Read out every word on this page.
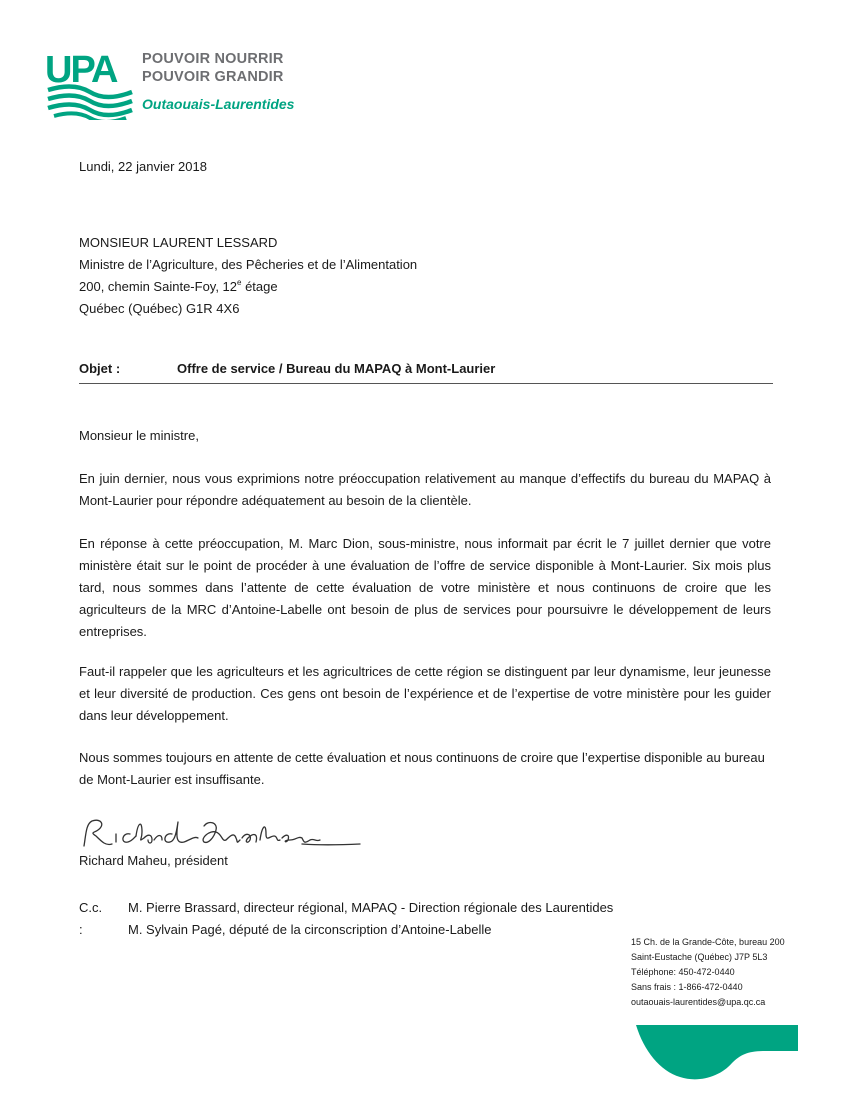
UPA POUVOIR NOURRIR
POUVOIR GRANDIR
Outaouais-Laurentides
Lundi, 22 janvier 2018
MONSIEUR LAURENT LESSARD
Ministre de l’Agriculture, des Pêcheries et de l’Alimentation
200, chemin Sainte-Foy, 12e étage
Québec (Québec) G1R 4X6
Objet :	Offre de service / Bureau du MAPAQ à Mont-Laurier
Monsieur le ministre,
En juin dernier, nous vous exprimions notre préoccupation relativement au manque d’effectifs du bureau du MAPAQ à Mont-Laurier pour répondre adéquatement au besoin de la clientèle.
En réponse à cette préoccupation, M. Marc Dion, sous-ministre, nous informait par écrit le 7 juillet dernier que votre ministère était sur le point de procéder à une évaluation de l’offre de service disponible à Mont-Laurier. Six mois plus tard, nous sommes dans l’attente de cette évaluation de votre ministère et nous continuons de croire que les agriculteurs de la MRC d’Antoine-Labelle ont besoin de plus de services pour poursuivre le développement de leurs entreprises.
Faut-il rappeler que les agriculteurs et les agricultrices de cette région se distinguent par leur dynamisme, leur jeunesse et leur diversité de production. Ces gens ont besoin de l’expérience et de l’expertise de votre ministère pour les guider dans leur développement.
Nous sommes toujours en attente de cette évaluation et nous continuons de croire que l’expertise disponible au bureau de Mont-Laurier est insuffisante.
Richard Maheu, président
C.c. :
M. Pierre Brassard, directeur régional, MAPAQ - Direction régionale des Laurentides
M. Sylvain Pagé, député de la circonscription d’Antoine-Labelle
15 Ch. de la Grande-Côte, bureau 200
Saint-Eustache (Québec) J7P 5L3
Téléphone: 450-472-0440
Sans frais : 1-866-472-0440
outaouais-laurentides@upa.qc.ca
